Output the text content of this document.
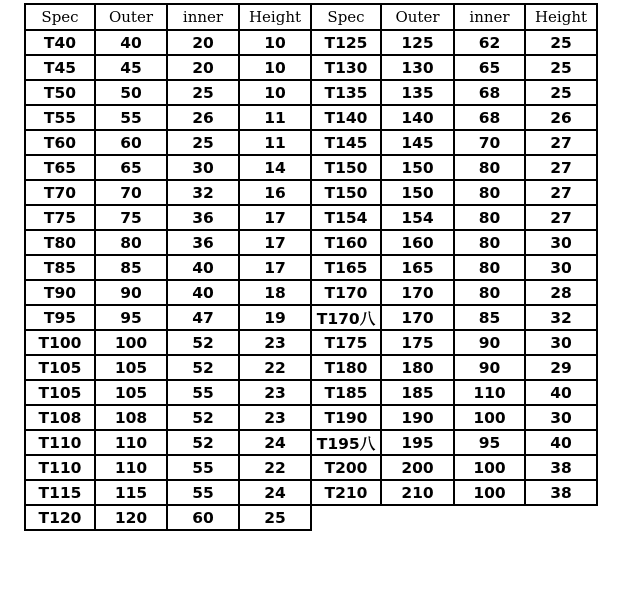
Spec	Outer	inner	Height	Spec	Outer	inner	Height
T40	40	20	10	T125	125	62	25
T45	45	20	10	T130	130	65	25
T50	50	25	10	T135	135	68	25
T55	55	26	11	T140	140	68	26
T60	60	25	11	T145	145	70	27
T65	65	30	14	T150	150	80	27
T70	70	32	16	T150	150	80	27
T75	75	36	17	T154	154	80	27
T80	80	36	17	T160	160	80	30
T85	85	40	17	T165	165	80	30
T90	90	40	18	T170	170	80	28
T95	95	47	19	T170八	170	85	32
T100	100	52	23	T175	175	90	30
T105	105	52	22	T180	180	90	29
T105	105	55	23	T185	185	110	40
T108	108	52	23	T190	190	100	30
T110	110	52	24	T195八	195	95	40
T110	110	55	22	T200	200	100	38
T115	115	55	24	T210	210	100	38
T120	120	60	25				
